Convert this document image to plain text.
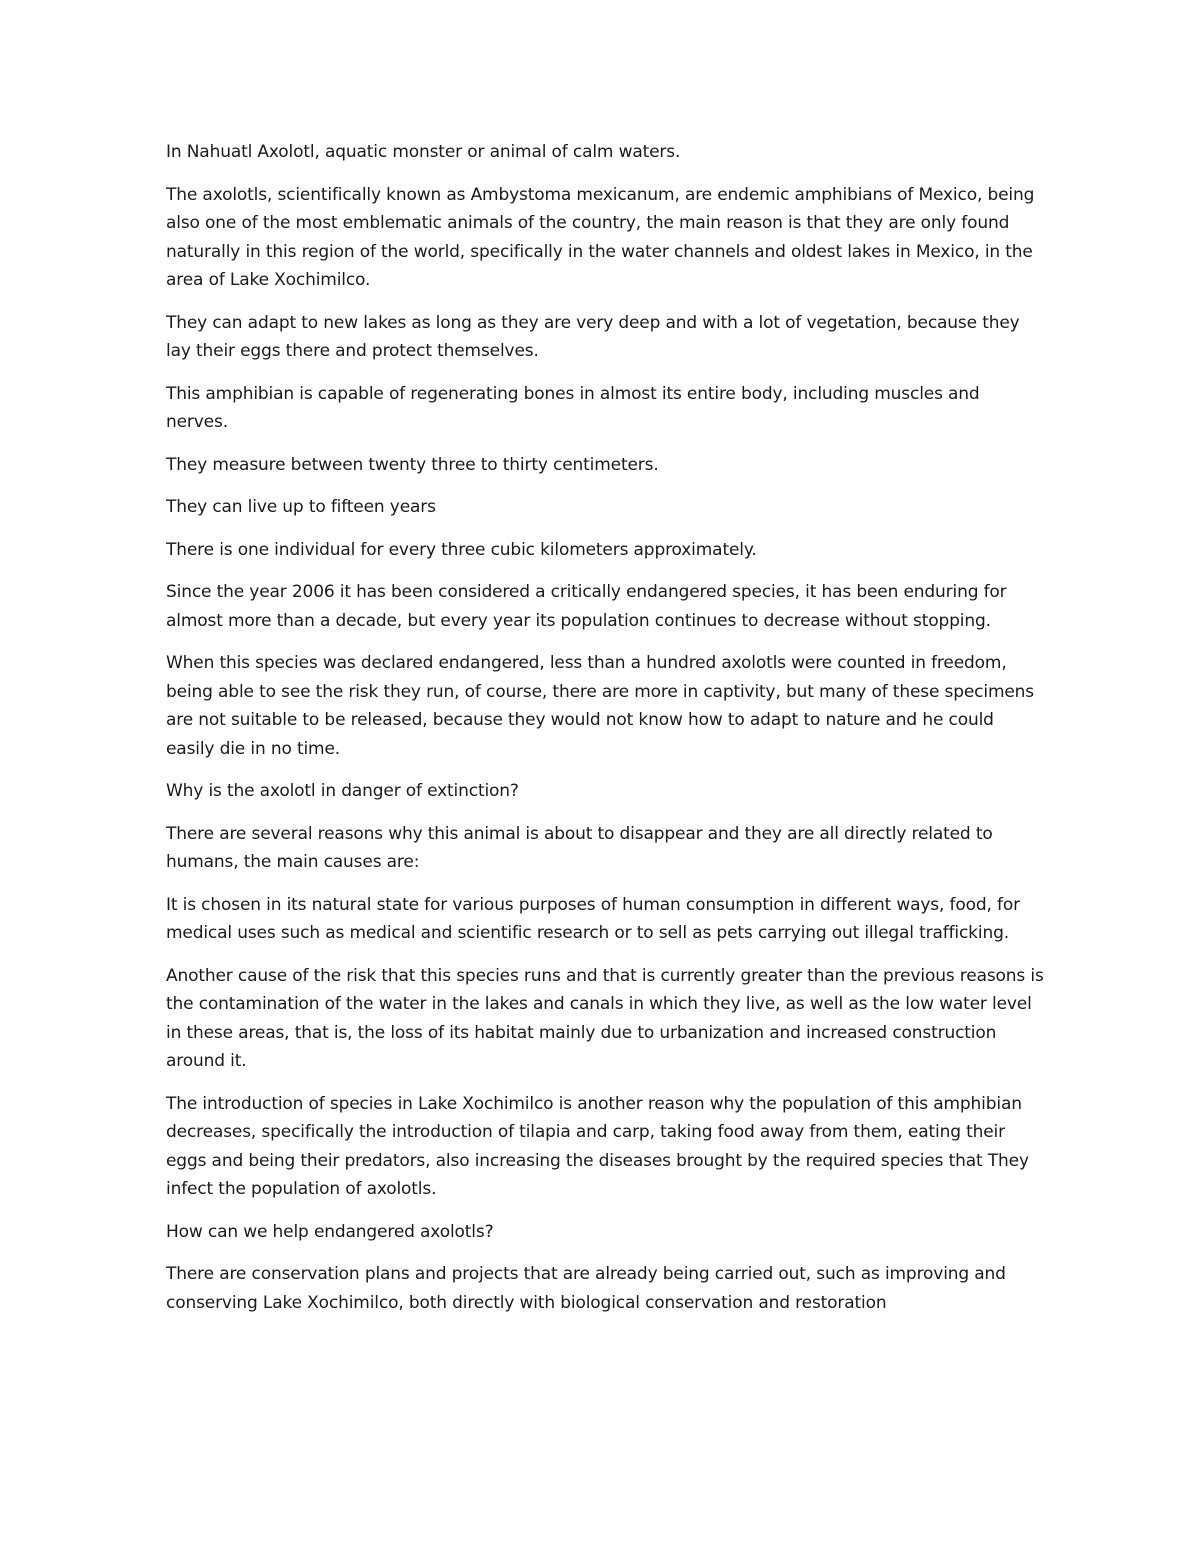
In Nahuatl Axolotl, aquatic monster or animal of calm waters.

The axolotls, scientifically known as Ambystoma mexicanum, are endemic amphibians of Mexico, being also one of the most emblematic animals of the country, the main reason is that they are only found naturally in this region of the world, specifically in the water channels and oldest lakes in Mexico, in the area of Lake Xochimilco.

They can adapt to new lakes as long as they are very deep and with a lot of vegetation, because they lay their eggs there and protect themselves.

This amphibian is capable of regenerating bones in almost its entire body, including muscles and nerves.

They measure between twenty three to thirty centimeters.

They can live up to fifteen years

There is one individual for every three cubic kilometers approximately.

Since the year 2006 it has been considered a critically endangered species, it has been enduring for almost more than a decade, but every year its population continues to decrease without stopping.

When this species was declared endangered, less than a hundred axolotls were counted in freedom, being able to see the risk they run, of course, there are more in captivity, but many of these specimens are not suitable to be released, because they would not know how to adapt to nature and he could easily die in no time.

Why is the axolotl in danger of extinction?

There are several reasons why this animal is about to disappear and they are all directly related to humans, the main causes are:

It is chosen in its natural state for various purposes of human consumption in different ways, food, for medical uses such as medical and scientific research or to sell as pets carrying out illegal trafficking.

Another cause of the risk that this species runs and that is currently greater than the previous reasons is the contamination of the water in the lakes and canals in which they live, as well as the low water level in these areas, that is, the loss of its habitat mainly due to urbanization and increased construction around it.

The introduction of species in Lake Xochimilco is another reason why the population of this amphibian decreases, specifically the introduction of tilapia and carp, taking food away from them, eating their eggs and being their predators, also increasing the diseases brought by the required species that They infect the population of axolotls.

How can we help endangered axolotls?

There are conservation plans and projects that are already being carried out, such as improving and conserving Lake Xochimilco, both directly with biological conservation and restoration
